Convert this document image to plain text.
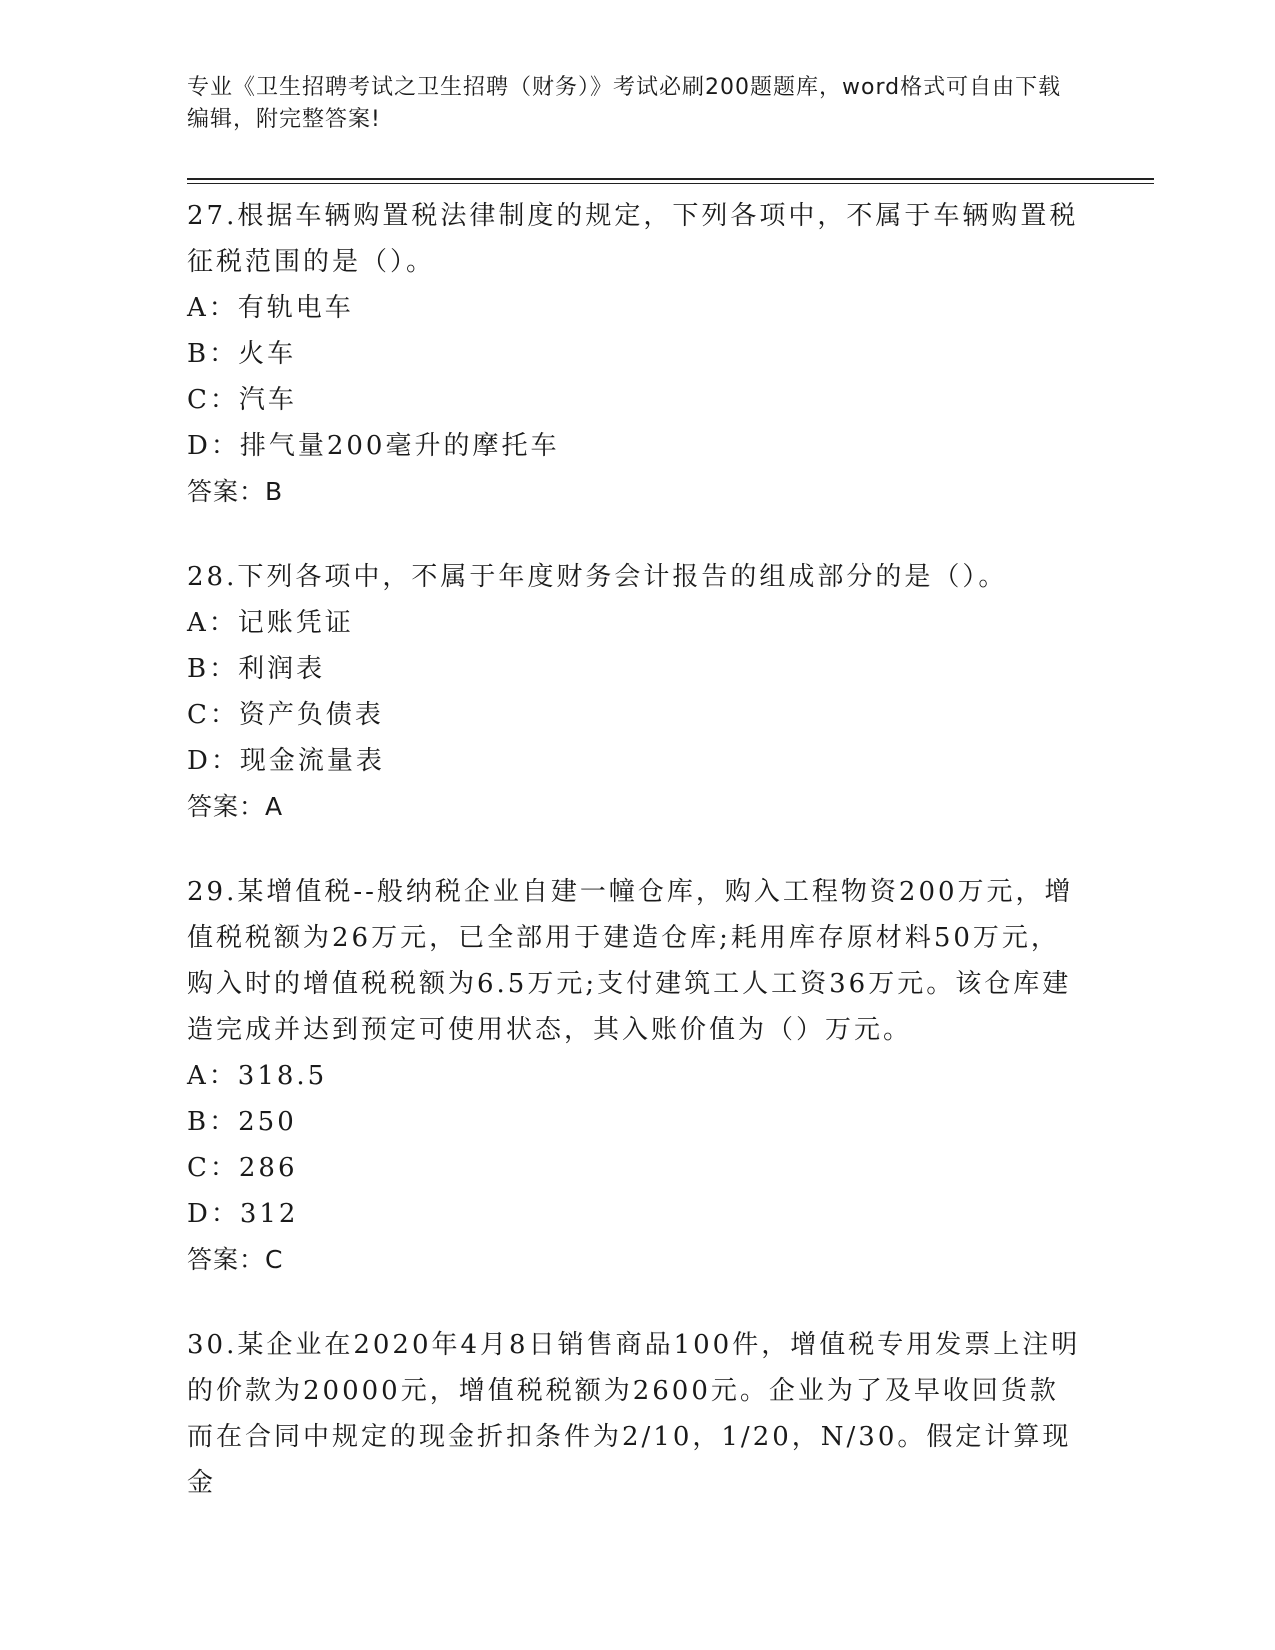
专业《卫生招聘考试之卫生招聘（财务）》考试必刷200题题库，word格式可自由下载编辑，附完整答案!

27.根据车辆购置税法律制度的规定，下列各项中，不属于车辆购置税征税范围的是（）。

A：有轨电车

B：火车

C：汽车

D：排气量200毫升的摩托车

答案：B

28.下列各项中，不属于年度财务会计报告的组成部分的是（）。

A：记账凭证

B：利润表

C：资产负债表

D：现金流量表

答案：A

29.某增值税--般纳税企业自建一幢仓库，购入工程物资200万元，增值税税额为26万元，已全部用于建造仓库;耗用库存原材料50万元，购入时的增值税税额为6.5万元;支付建筑工人工资36万元。该仓库建造完成并达到预定可使用状态，其入账价值为（）万元。

A：318.5

B：250

C：286

D：312

答案：C

30.某企业在2020年4月8日销售商品100件，增值税专用发票上注明的价款为20000元，增值税税额为2600元。企业为了及早收回货款而在合同中规定的现金折扣条件为2/10，1/20，N/30。假定计算现金
